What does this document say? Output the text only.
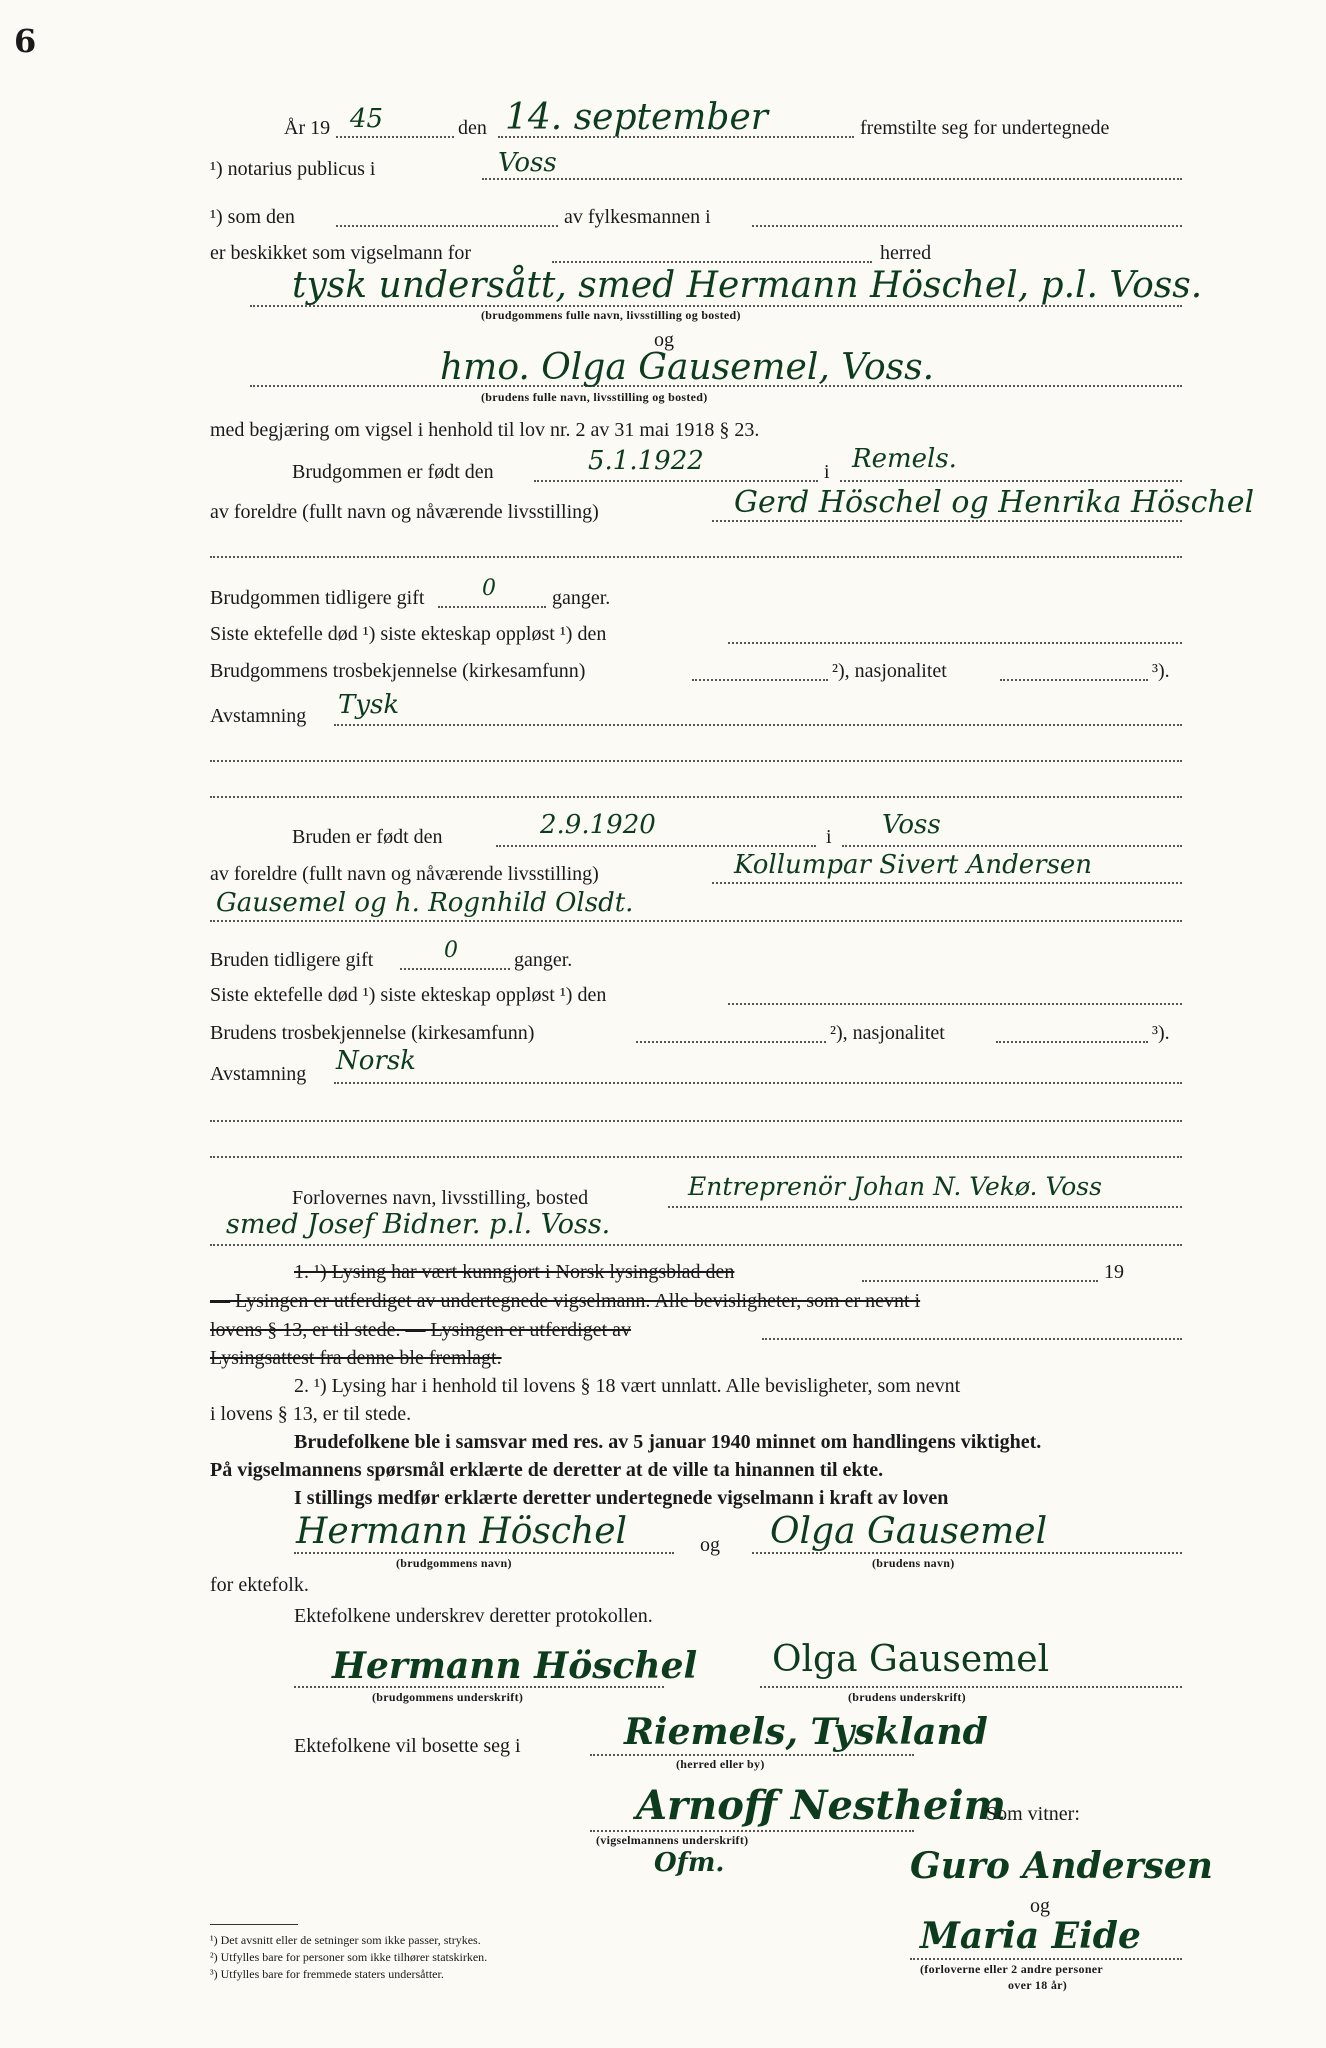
6
År 19 45	den 14. september	fremstilte seg for undertegnede
¹) notarius publicus i	Voss
¹) som den	av fylkesmannen i
er beskikket som vigselmann for	herred
tysk undersått, smed Hermann Höschel, p.l. Voss.
(brudgommens fulle navn, livsstilling og bosted)
og
hmo. Olga Gausemel, Voss.
(brudens fulle navn, livsstilling og bosted)
med begjæring om vigsel i henhold til lov nr. 2 av 31 mai 1918 § 23.
Brudgommen er født den	5.1.1922	i Remels.
av foreldre (fullt navn og nåværende livsstilling)	Gerd Höschel og Henrika Höschel
Brudgommen tidligere gift	0	ganger.
Siste ektefelle død ¹) siste ekteskap oppløst ¹) den
Brudgommens trosbekjennelse (kirkesamfunn)	²), nasjonalitet	³).
Avstamning Tysk
Bruden er født den	2.9.1920	i Voss
av foreldre (fullt navn og nåværende livsstilling)	Kollumpar Sivert Andersen
Gausemel og h. Rognhild Olsdt.
Bruden tidligere gift	0	ganger.
Siste ektefelle død ¹) siste ekteskap oppløst ¹) den
Brudens trosbekjennelse (kirkesamfunn)	²), nasjonalitet	³).
Avstamning Norsk
Forlovernes navn, livsstilling, bosted	Entreprenör Johan N. Vekø. Voss
smed Josef Bidner. p.l. Voss.
1. ¹) Lysing har vært kunngjort i Norsk lysingsblad den	19
— Lysingen er utferdiget av undertegnede vigselmann. Alle bevisligheter, som er nevnt i
lovens § 13, er til stede. — Lysingen er utferdiget av
Lysingsattest fra denne ble fremlagt.
2. ¹) Lysing har i henhold til lovens § 18 vært unnlatt. Alle bevisligheter, som nevnt
i lovens § 13, er til stede.
Brudefolkene ble i samsvar med res. av 5 januar 1940 minnet om handlingens viktighet.
På vigselmannens spørsmål erklærte de deretter at de ville ta hinannen til ekte.
I stillings medfør erklærte deretter undertegnede vigselmann i kraft av loven
Hermann Höschel	og Olga Gausemel
(brudgommens navn)	(brudens navn)
for ektefolk.
Ektefolkene underskrev deretter protokollen.
Hermann Höschel
(brudgommens underskrift)
Olga Gausemel
(brudens underskrift)
Ektefolkene vil bosette seg i	Riemels, Tyskland
(herred eller by)
Arnoff Nestheim
(vigselmannens underskrift)
Ofm.
Som vitner:
Guro Andersen
og
Maria Eide
(forloverne eller 2 andre personer
over 18 år)
¹) Det avsnitt eller de setninger som ikke passer, strykes.
²) Utfylles bare for personer som ikke tilhører statskirken.
³) Utfylles bare for fremmede staters undersåtter.
